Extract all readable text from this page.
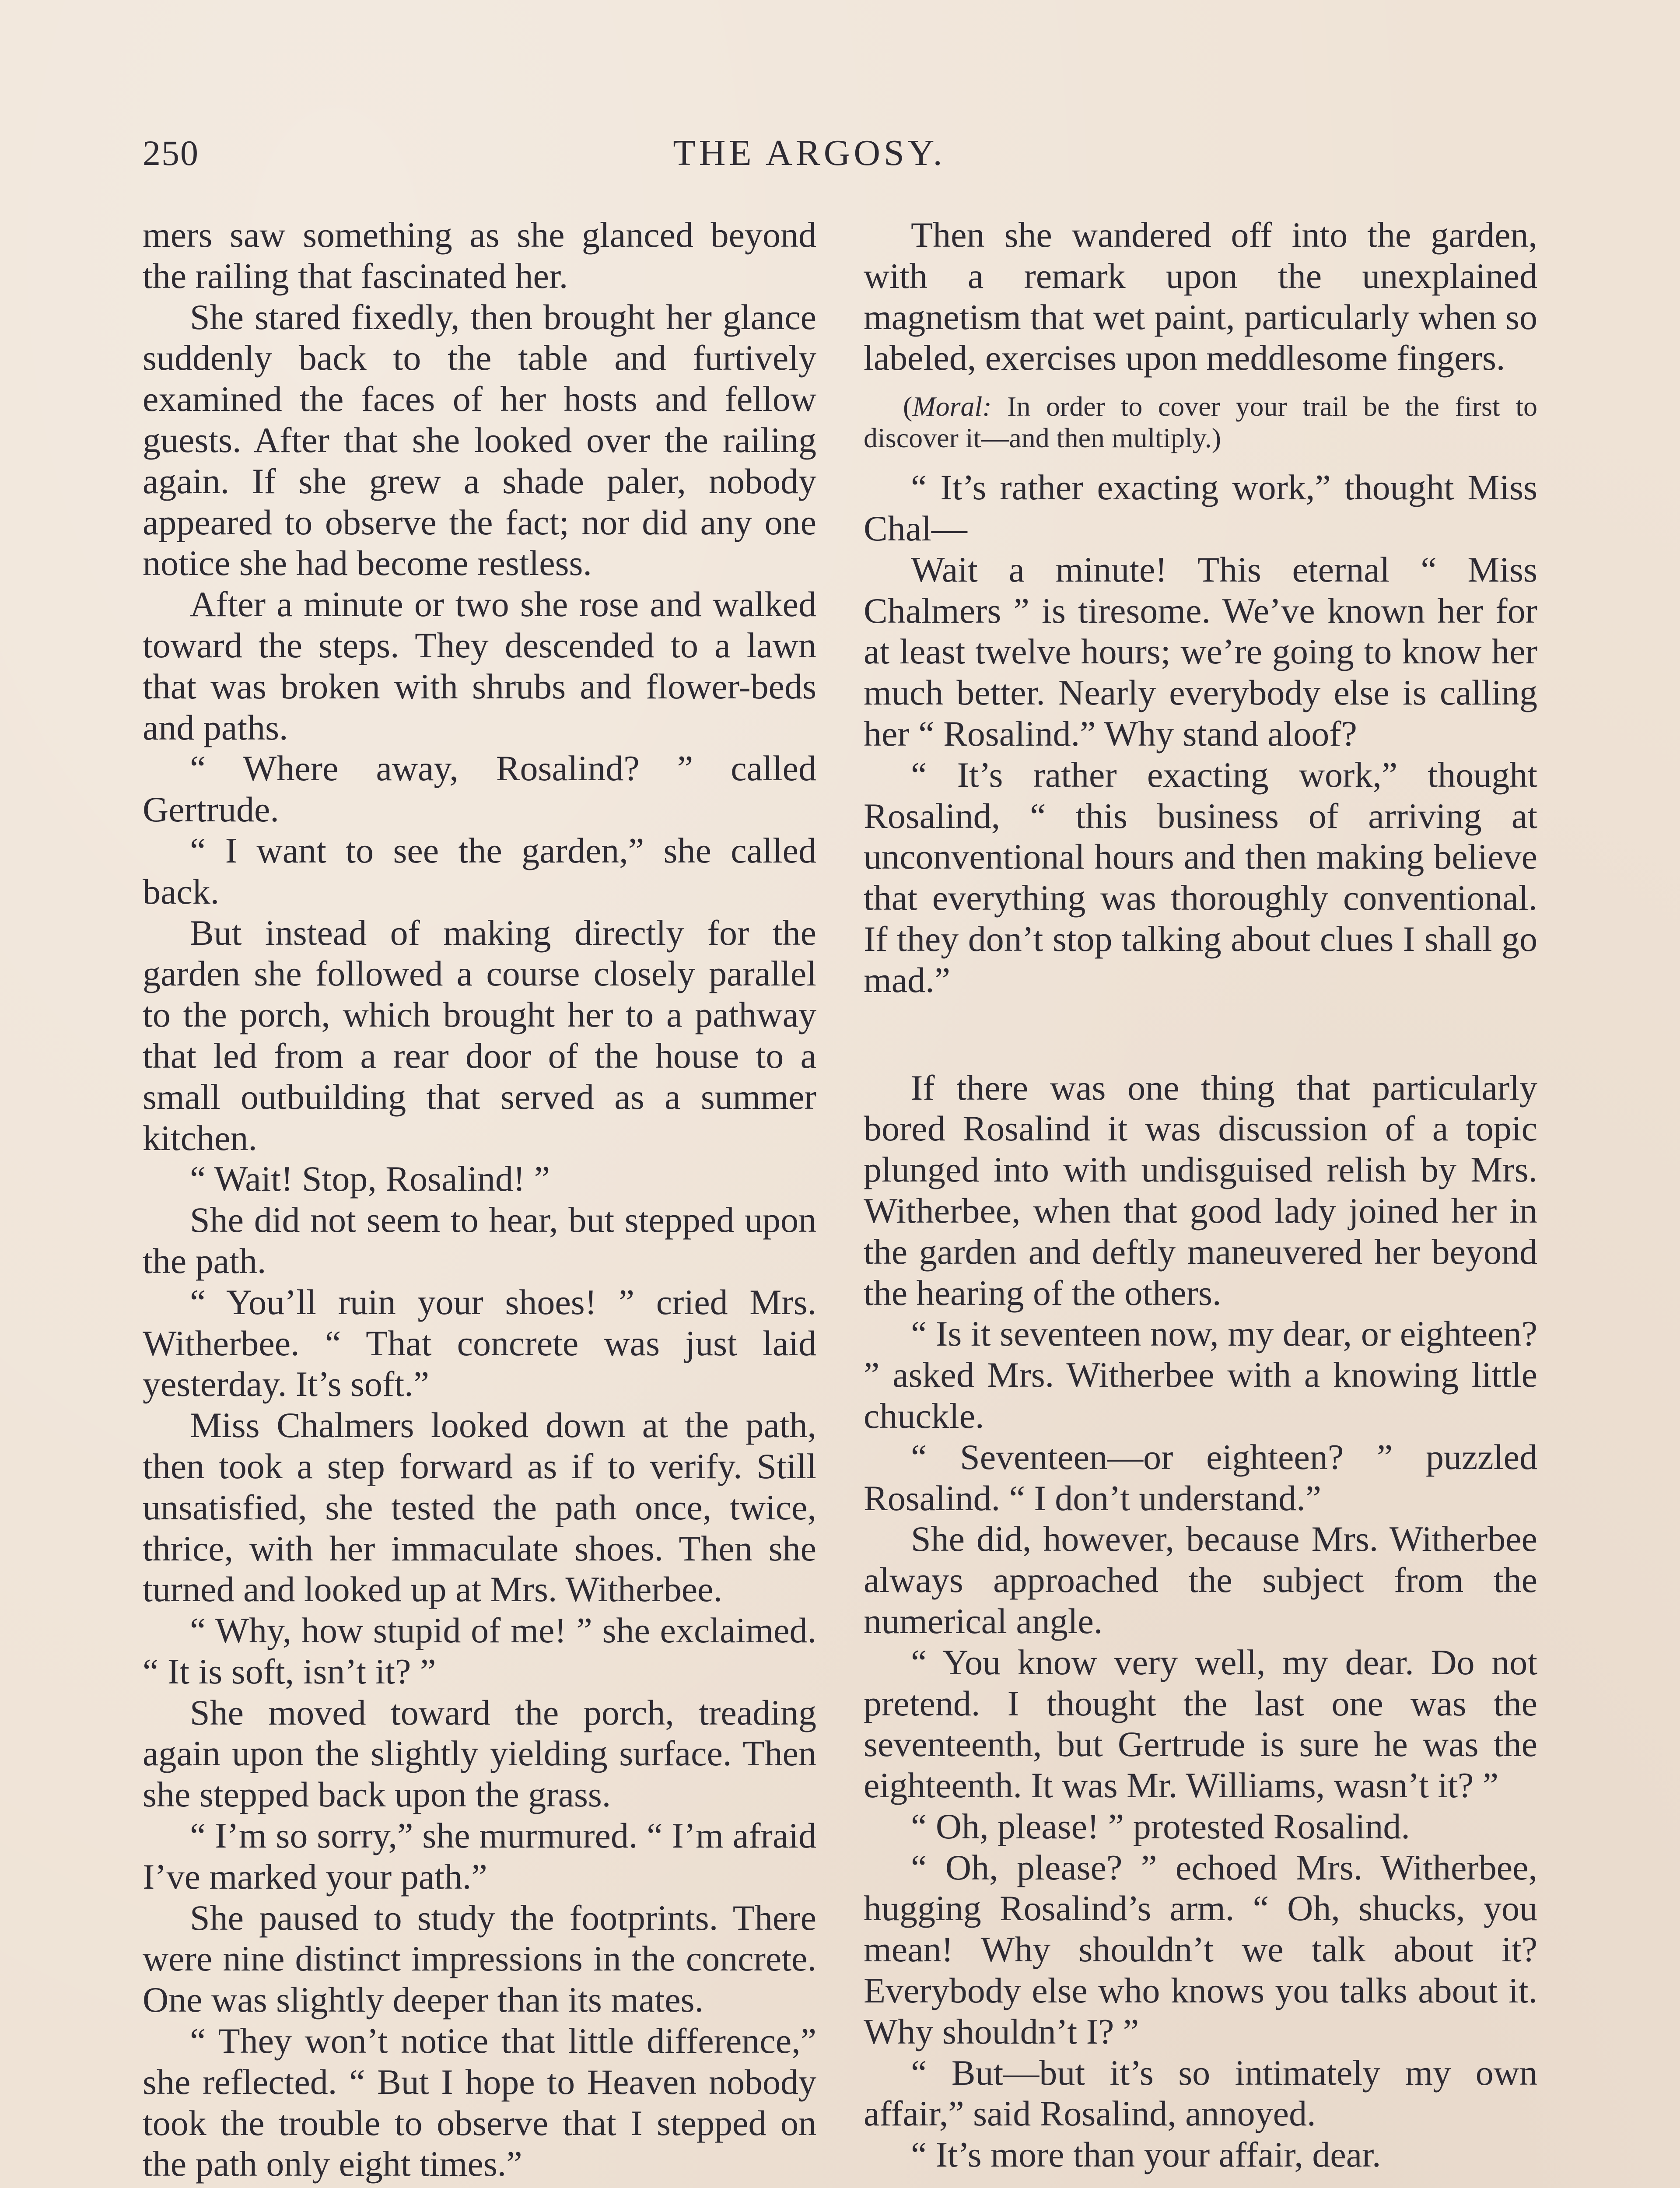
250	THE ARGOSY.

mers saw something as she glanced beyond the railing that fascinated her.

She stared fixedly, then brought her glance suddenly back to the table and furtively examined the faces of her hosts and fellow guests. After that she looked over the railing again. If she grew a shade paler, nobody appeared to observe the fact; nor did any one notice she had become restless.

After a minute or two she rose and walked toward the steps. They descended to a lawn that was broken with shrubs and flower-beds and paths.

“ Where away, Rosalind? ” called Gertrude.

“ I want to see the garden,” she called back.

But instead of making directly for the garden she followed a course closely parallel to the porch, which brought her to a pathway that led from a rear door of the house to a small outbuilding that served as a summer kitchen.

“ Wait! Stop, Rosalind! ”

She did not seem to hear, but stepped upon the path.

“ You’ll ruin your shoes! ” cried Mrs. Witherbee. “ That concrete was just laid yesterday. It’s soft.”

Miss Chalmers looked down at the path, then took a step forward as if to verify. Still unsatisfied, she tested the path once, twice, thrice, with her immaculate shoes. Then she turned and looked up at Mrs. Witherbee.

“ Why, how stupid of me! ” she exclaimed. “ It is soft, isn’t it? ”

She moved toward the porch, treading again upon the slightly yielding surface. Then she stepped back upon the grass.

“ I’m so sorry,” she murmured. “ I’m afraid I’ve marked your path.”

She paused to study the footprints. There were nine distinct impressions in the concrete. One was slightly deeper than its mates.

“ They won’t notice that little difference,” she reflected. “ But I hope to Heaven nobody took the trouble to observe that I stepped on the path only eight times.”

Then she wandered off into the garden, with a remark upon the unexplained magnetism that wet paint, particularly when so labeled, exercises upon meddlesome fingers.

(Moral: In order to cover your trail be the first to discover it—and then multiply.)

“ It’s rather exacting work,” thought Miss Chal—

Wait a minute! This eternal “ Miss Chalmers ” is tiresome. We’ve known her for at least twelve hours; we’re going to know her much better. Nearly everybody else is calling her “ Rosalind.” Why stand aloof?

“ It’s rather exacting work,” thought Rosalind, “ this business of arriving at unconventional hours and then making believe that everything was thoroughly conventional. If they don’t stop talking about clues I shall go mad.”

If there was one thing that particularly bored Rosalind it was discussion of a topic plunged into with undisguised relish by Mrs. Witherbee, when that good lady joined her in the garden and deftly maneuvered her beyond the hearing of the others.

“ Is it seventeen now, my dear, or eighteen? ” asked Mrs. Witherbee with a knowing little chuckle.

“ Seventeen—or eighteen? ” puzzled Rosalind. “ I don’t understand.”

She did, however, because Mrs. Witherbee always approached the subject from the numerical angle.

“ You know very well, my dear. Do not pretend. I thought the last one was the seventeenth, but Gertrude is sure he was the eighteenth. It was Mr. Williams, wasn’t it? ”

“ Oh, please! ” protested Rosalind.

“ Oh, please? ” echoed Mrs. Witherbee, hugging Rosalind’s arm. “ Oh, shucks, you mean! Why shouldn’t we talk about it? Everybody else who knows you talks about it. Why shouldn’t I? ”

“ But—but it’s so intimately my own affair,” said Rosalind, annoyed.

“ It’s more than your affair, dear.
